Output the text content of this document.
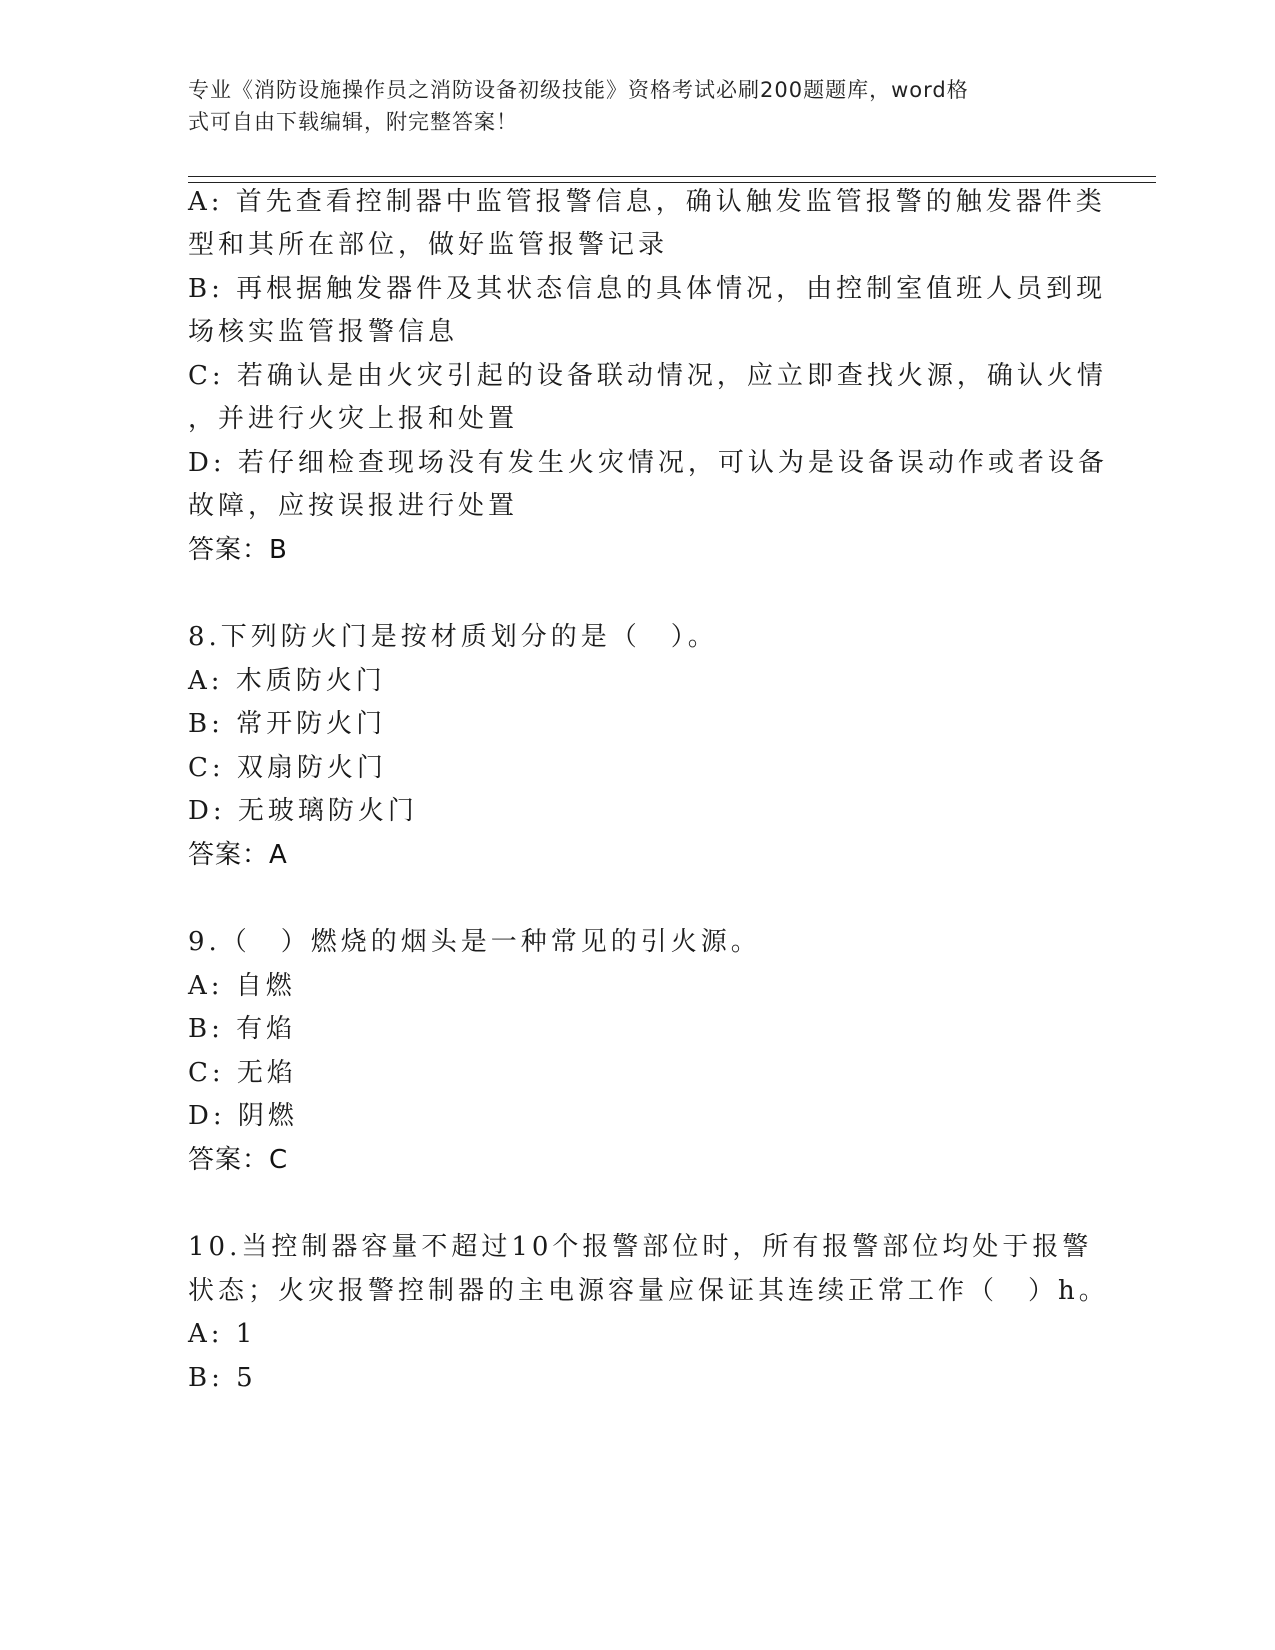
专业《消防设施操作员之消防设备初级技能》资格考试必刷200题题库，word格
式可自由下载编辑，附完整答案！
A: 首先查看控制器中监管报警信息，确认触发监管报警的触发器件类
型和其所在部位，做好监管报警记录
B: 再根据触发器件及其状态信息的具体情况，由控制室值班人员到现
场核实监管报警信息
C: 若确认是由火灾引起的设备联动情况，应立即查找火源，确认火情
，并进行火灾上报和处置
D: 若仔细检查现场没有发生火灾情况，可认为是设备误动作或者设备
故障，应按误报进行处置
答案：B
8.下列防火门是按材质划分的是（　）。
A: 木质防火门
B: 常开防火门
C: 双扇防火门
D: 无玻璃防火门
答案：A
9.（　）燃烧的烟头是一种常见的引火源。
A: 自燃
B: 有焰
C: 无焰
D: 阴燃
答案：C
10.当控制器容量不超过10个报警部位时，所有报警部位均处于报警
状态；火灾报警控制器的主电源容量应保证其连续正常工作（　）h。
A: 1
B: 5
